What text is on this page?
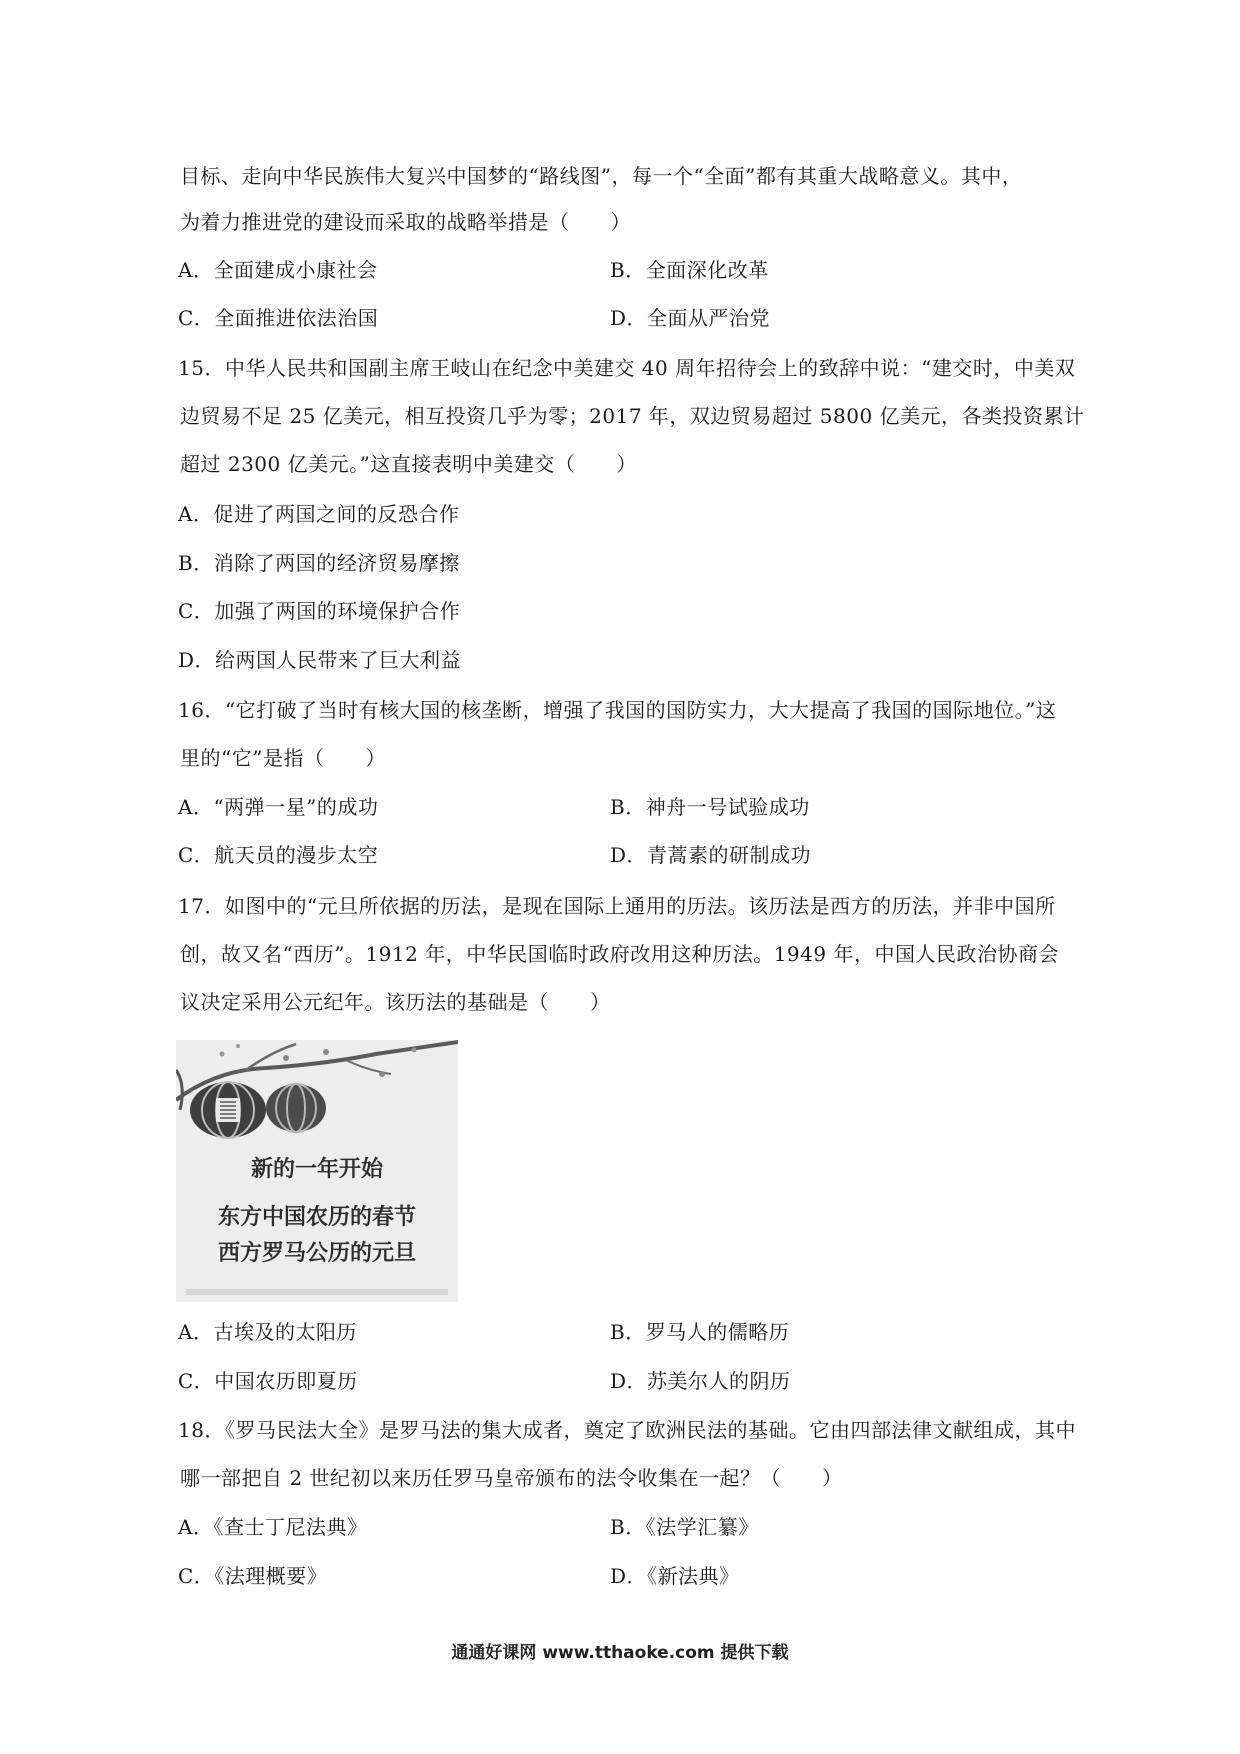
目标、走向中华民族伟大复兴中国梦的“路线图”，每一个“全面”都有其重大战略意义。其中，
为着力推进党的建设而采取的战略举措是（　　）
A．全面建成小康社会	B．全面深化改革
C．全面推进依法治国	D．全面从严治党
15．中华人民共和国副主席王岐山在纪念中美建交 40 周年招待会上的致辞中说：“建交时，中美双
边贸易不足 25 亿美元，相互投资几乎为零；2017 年，双边贸易超过 5800 亿美元，各类投资累计
超过 2300 亿美元。”这直接表明中美建交（　　）
A．促进了两国之间的反恐合作
B．消除了两国的经济贸易摩擦
C．加强了两国的环境保护合作
D．给两国人民带来了巨大利益
16．“它打破了当时有核大国的核垄断，增强了我国的国防实力，大大提高了我国的国际地位。”这
里的“它”是指（　　）
A．“两弹一星”的成功	B．神舟一号试验成功
C．航天员的漫步太空	D．青蒿素的研制成功
17．如图中的“元旦所依据的历法，是现在国际上通用的历法。该历法是西方的历法，并非中国所
创，故又名“西历”。1912 年，中华民国临时政府改用这种历法。1949 年，中国人民政治协商会
议决定采用公元纪年。该历法的基础是（　　）
新的一年开始
东方中国农历的春节
西方罗马公历的元旦
A．古埃及的太阳历	B．罗马人的儒略历
C．中国农历即夏历	D．苏美尔人的阴历
18．《罗马民法大全》是罗马法的集大成者，奠定了欧洲民法的基础。它由四部法律文献组成，其中
哪一部把自 2 世纪初以来历任罗马皇帝颁布的法令收集在一起？（　　）
A．《查士丁尼法典》	B．《法学汇纂》
C．《法理概要》	D．《新法典》
通通好课网 www.tthaoke.com 提供下载
